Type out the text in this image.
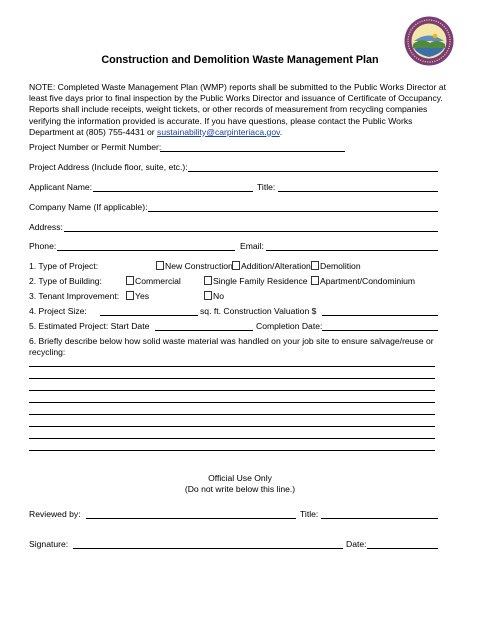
Construction and Demolition Waste Management Plan
NOTE: Completed Waste Management Plan (WMP) reports shall be submitted to the Public Works Director at least five days prior to final inspection by the Public Works Director and issuance of Certificate of Occupancy. Reports shall include receipts, weight tickets, or other records of measurement from recycling companies verifying the information provided is accurate. If you have questions, please contact the Public Works Department at (805) 755-4431 or sustainability@carpinteriaca.gov.
Project Number or Permit Number:
Project Address (Include floor, suite, etc.):
Applicant Name:	Title:
Company Name (If applicable):
Address:
Phone:	Email:
1. Type of Project:	New Construction Addition/Alteration	Demolition
2. Type of Building:	Commercial	Single Family Residence	Apartment/Condominium
3. Tenant Improvement:	Yes	No
4. Project Size:	sq. ft. Construction Valuation $
5. Estimated Project: Start Date	Completion Date:
6. Briefly describe below how solid waste material was handled on your job site to ensure salvage/reuse or recycling:
Official Use Only
(Do not write below this line.)
Reviewed by:	Title:
Signature:	Date:
